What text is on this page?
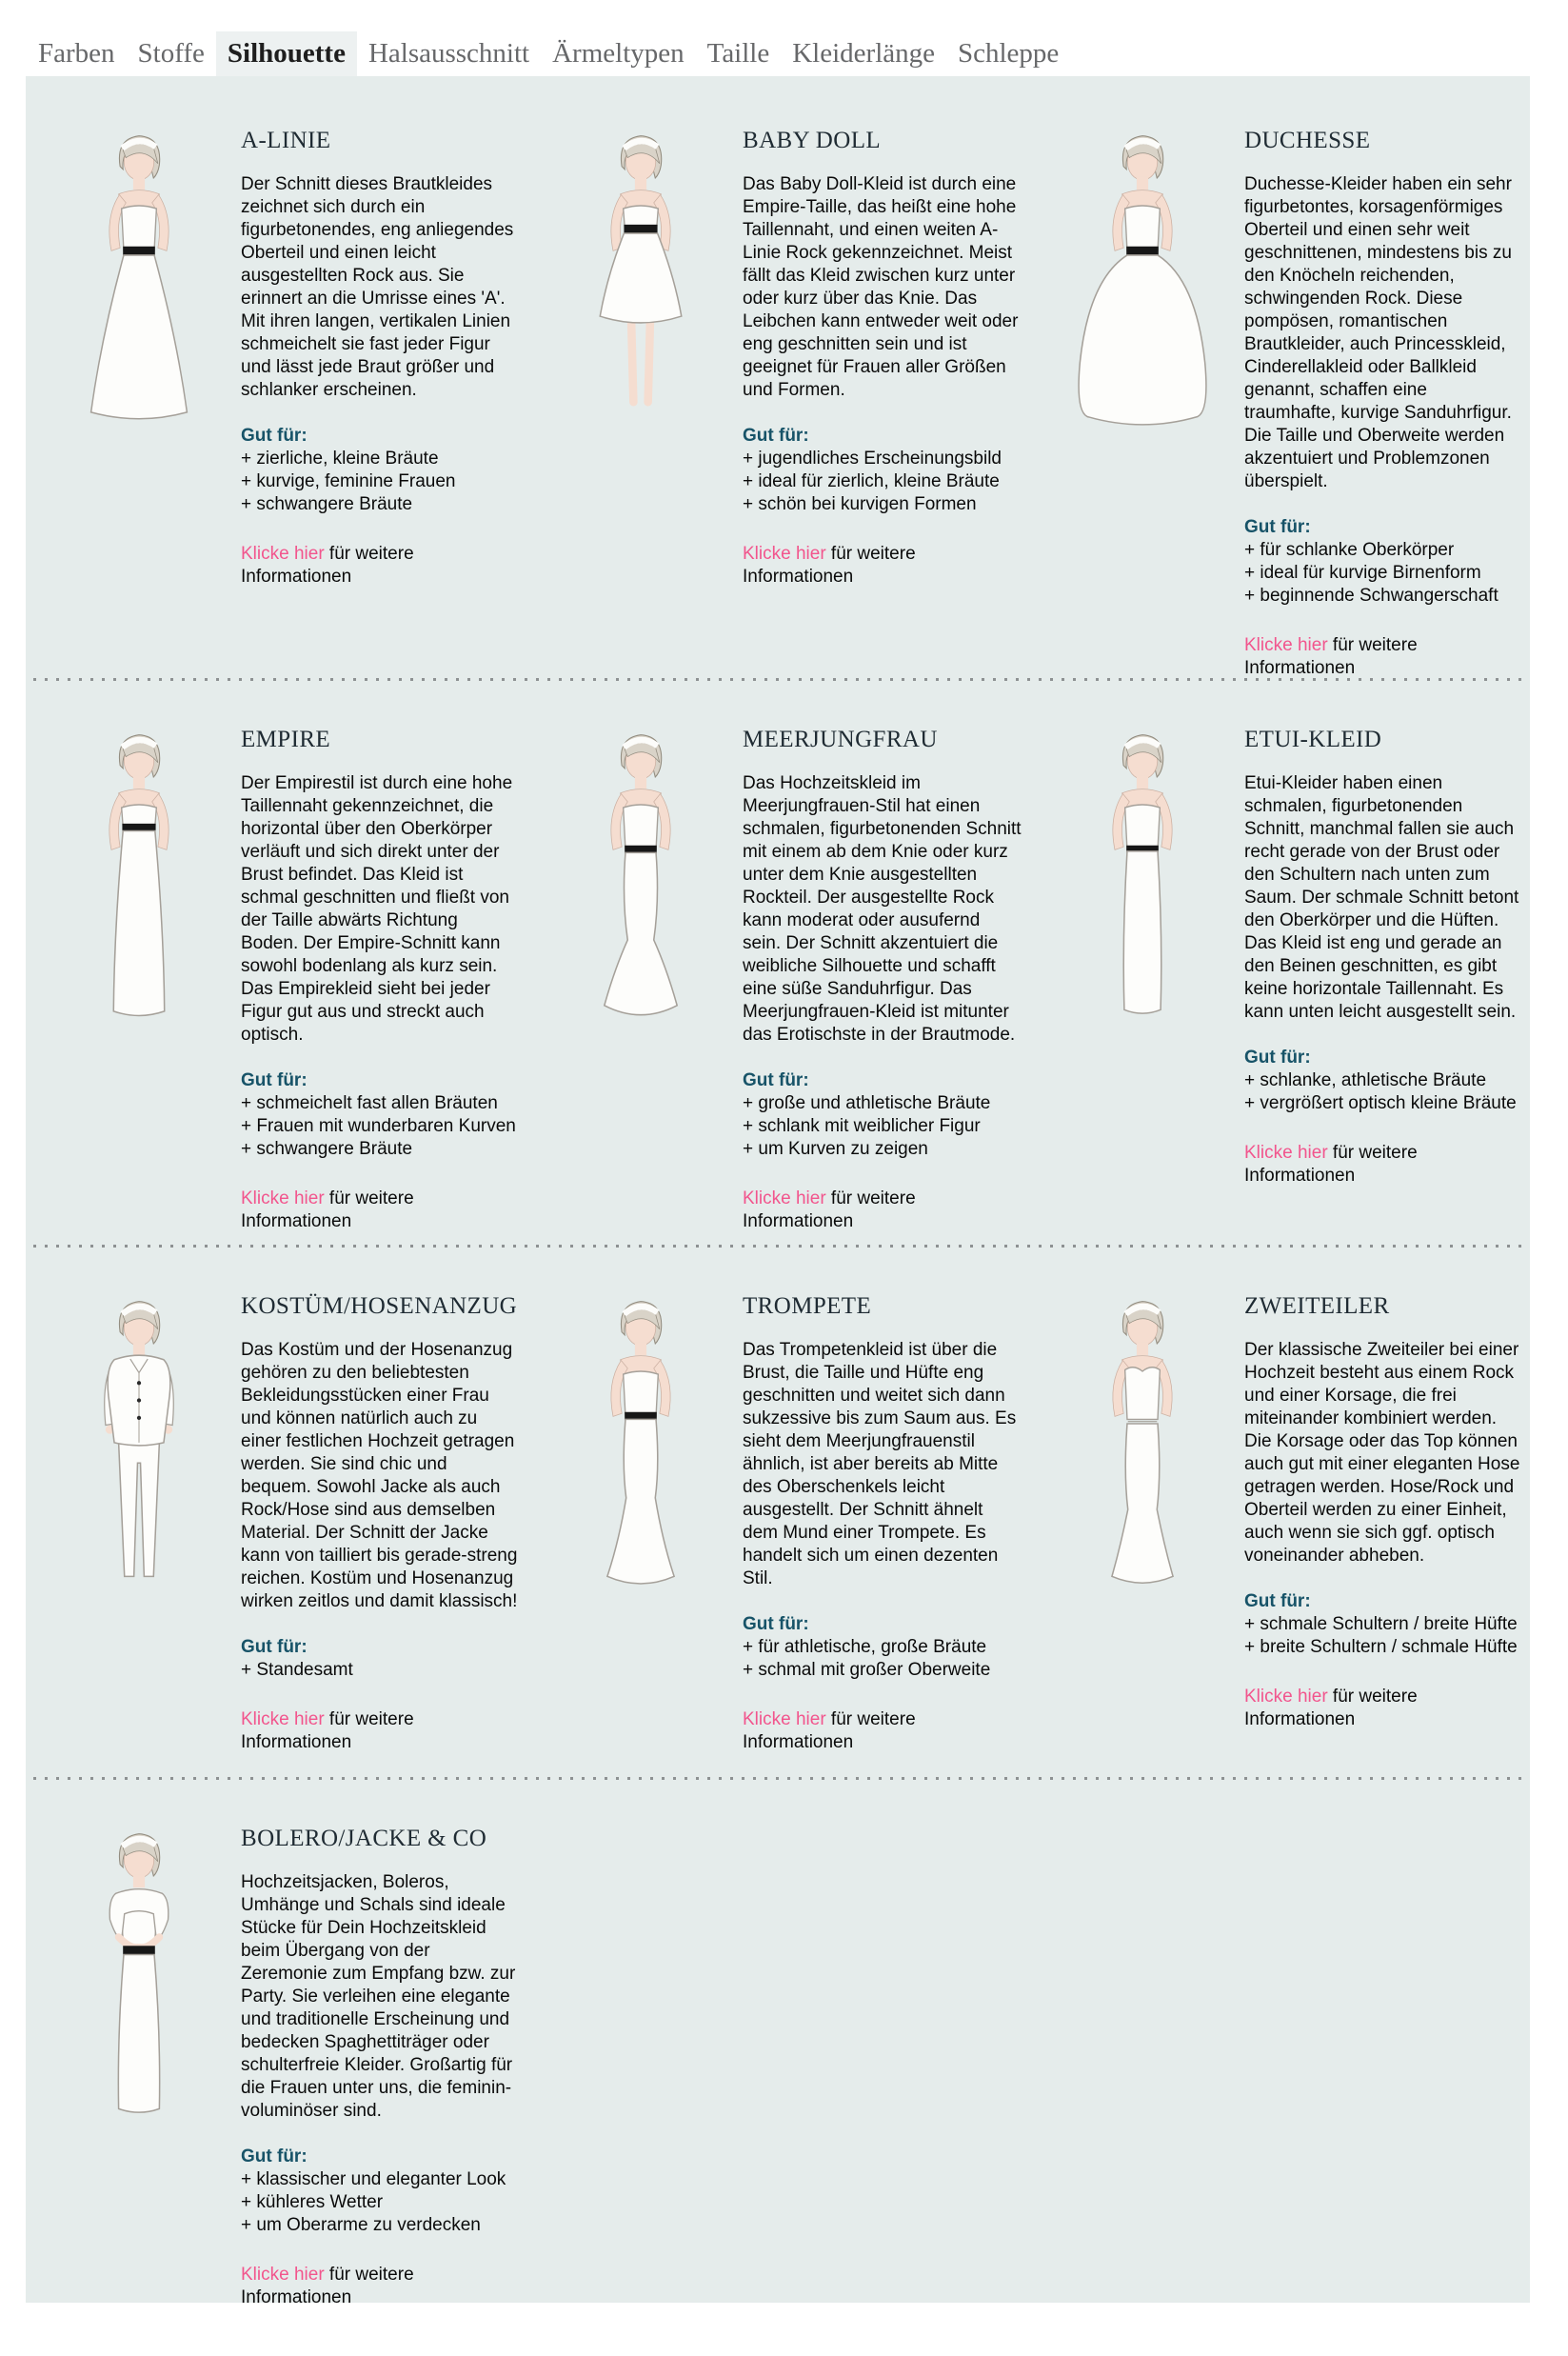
Farben Stoffe Silhouette Halsausschnitt Ärmeltypen Taille Kleiderlänge Schleppe
A-LINIE

Der Schnitt dieses Brautkleides zeichnet sich durch ein figurbetonendes, eng anliegendes Oberteil und einen leicht ausgestellten Rock aus. Sie erinnert an die Umrisse eines 'A'. Mit ihren langen, vertikalen Linien schmeichelt sie fast jeder Figur und lässt jede Braut größer und schlanker erscheinen.

Gut für:
+ zierliche, kleine Bräute
+ kurvige, feminine Frauen
+ schwangere Bräute
Klicke hier für weitere Informationen
BABY DOLL

Das Baby Doll-Kleid ist durch eine Empire-Taille, das heißt eine hohe Taillennaht, und einen weiten A-Linie Rock gekennzeichnet. Meist fällt das Kleid zwischen kurz unter oder kurz über das Knie. Das Leibchen kann entweder weit oder eng geschnitten sein und ist geeignet für Frauen aller Größen und Formen.

Gut für:
+ jugendliches Erscheinungsbild
+ ideal für zierlich, kleine Bräute
+ schön bei kurvigen Formen
Klicke hier für weitere Informationen
DUCHESSE

Duchesse-Kleider haben ein sehr figurbetontes, korsagenförmiges Oberteil und einen sehr weit geschnittenen, mindestens bis zu den Knöcheln reichenden, schwingenden Rock. Diese pompösen, romantischen Brautkleider, auch Princesskleid, Cinderellakleid oder Ballkleid genannt, schaffen eine traumhafte, kurvige Sanduhrfigur. Die Taille und Oberweite werden akzentuiert und Problemzonen überspielt.

Gut für:
+ für schlanke Oberkörper
+ ideal für kurvige Birnenform
+ beginnende Schwangerschaft
Klicke hier für weitere Informationen
EMPIRE

Der Empirestil ist durch eine hohe Taillennaht gekennzeichnet, die horizontal über den Oberkörper verläuft und sich direkt unter der Brust befindet. Das Kleid ist schmal geschnitten und fließt von der Taille abwärts Richtung Boden. Der Empire-Schnitt kann sowohl bodenlang als kurz sein. Das Empirekleid sieht bei jeder Figur gut aus und streckt auch optisch.

Gut für:
+ schmeichelt fast allen Bräuten
+ Frauen mit wunderbaren Kurven
+ schwangere Bräute
Klicke hier für weitere Informationen
MEERJUNGFRAU

Das Hochzeitskleid im Meerjungfrauen-Stil hat einen schmalen, figurbetonenden Schnitt mit einem ab dem Knie oder kurz unter dem Knie ausgestellten Rockteil. Der ausgestellte Rock kann moderat oder ausufernd sein. Der Schnitt akzentuiert die weibliche Silhouette und schafft eine süße Sanduhrfigur. Das Meerjungfrauen-Kleid ist mitunter das Erotischste in der Brautmode.

Gut für:
+ große und athletische Bräute
+ schlank mit weiblicher Figur
+ um Kurven zu zeigen
Klicke hier für weitere Informationen
ETUI-KLEID

Etui-Kleider haben einen schmalen, figurbetonenden Schnitt, manchmal fallen sie auch recht gerade von der Brust oder den Schultern nach unten zum Saum. Der schmale Schnitt betont den Oberkörper und die Hüften. Das Kleid ist eng und gerade an den Beinen geschnitten, es gibt keine horizontale Taillennaht. Es kann unten leicht ausgestellt sein.

Gut für:
+ schlanke, athletische Bräute
+ vergrößert optisch kleine Bräute
Klicke hier für weitere Informationen
KOSTÜM/HOSENANZUG

Das Kostüm und der Hosenanzug gehören zu den beliebtesten Bekleidungsstücken einer Frau und können natürlich auch zu einer festlichen Hochzeit getragen werden. Sie sind chic und bequem. Sowohl Jacke als auch Rock/Hose sind aus demselben Material. Der Schnitt der Jacke kann von tailliert bis gerade-streng reichen. Kostüm und Hosenanzug wirken zeitlos und damit klassisch!

Gut für:
+ Standesamt
Klicke hier für weitere Informationen
TROMPETE

Das Trompetenkleid ist über die Brust, die Taille und Hüfte eng geschnitten und weitet sich dann sukzessive bis zum Saum aus. Es sieht dem Meerjungfrauenstil ähnlich, ist aber bereits ab Mitte des Oberschenkels leicht ausgestellt. Der Schnitt ähnelt dem Mund einer Trompete. Es handelt sich um einen dezenten Stil.

Gut für:
+ für athletische, große Bräute
+ schmal mit großer Oberweite
Klicke hier für weitere Informationen
ZWEITEILER

Der klassische Zweiteiler bei einer Hochzeit besteht aus einem Rock und einer Korsage, die frei miteinander kombiniert werden. Die Korsage oder das Top können auch gut mit einer eleganten Hose getragen werden. Hose/Rock und Oberteil werden zu einer Einheit, auch wenn sie sich ggf. optisch voneinander abheben.

Gut für:
+ schmale Schultern / breite Hüfte
+ breite Schultern / schmale Hüfte
Klicke hier für weitere Informationen
BOLERO/JACKE & CO

Hochzeitsjacken, Boleros, Umhänge und Schals sind ideale Stücke für Dein Hochzeitskleid beim Übergang von der Zeremonie zum Empfang bzw. zur Party. Sie verleihen eine elegante und traditionelle Erscheinung und bedecken Spaghettiträger oder schulterfreie Kleider. Großartig für die Frauen unter uns, die feminin-voluminöser sind.

Gut für:
+ klassischer und eleganter Look
+ kühleres Wetter
+ um Oberarme zu verdecken
Klicke hier für weitere Informationen
